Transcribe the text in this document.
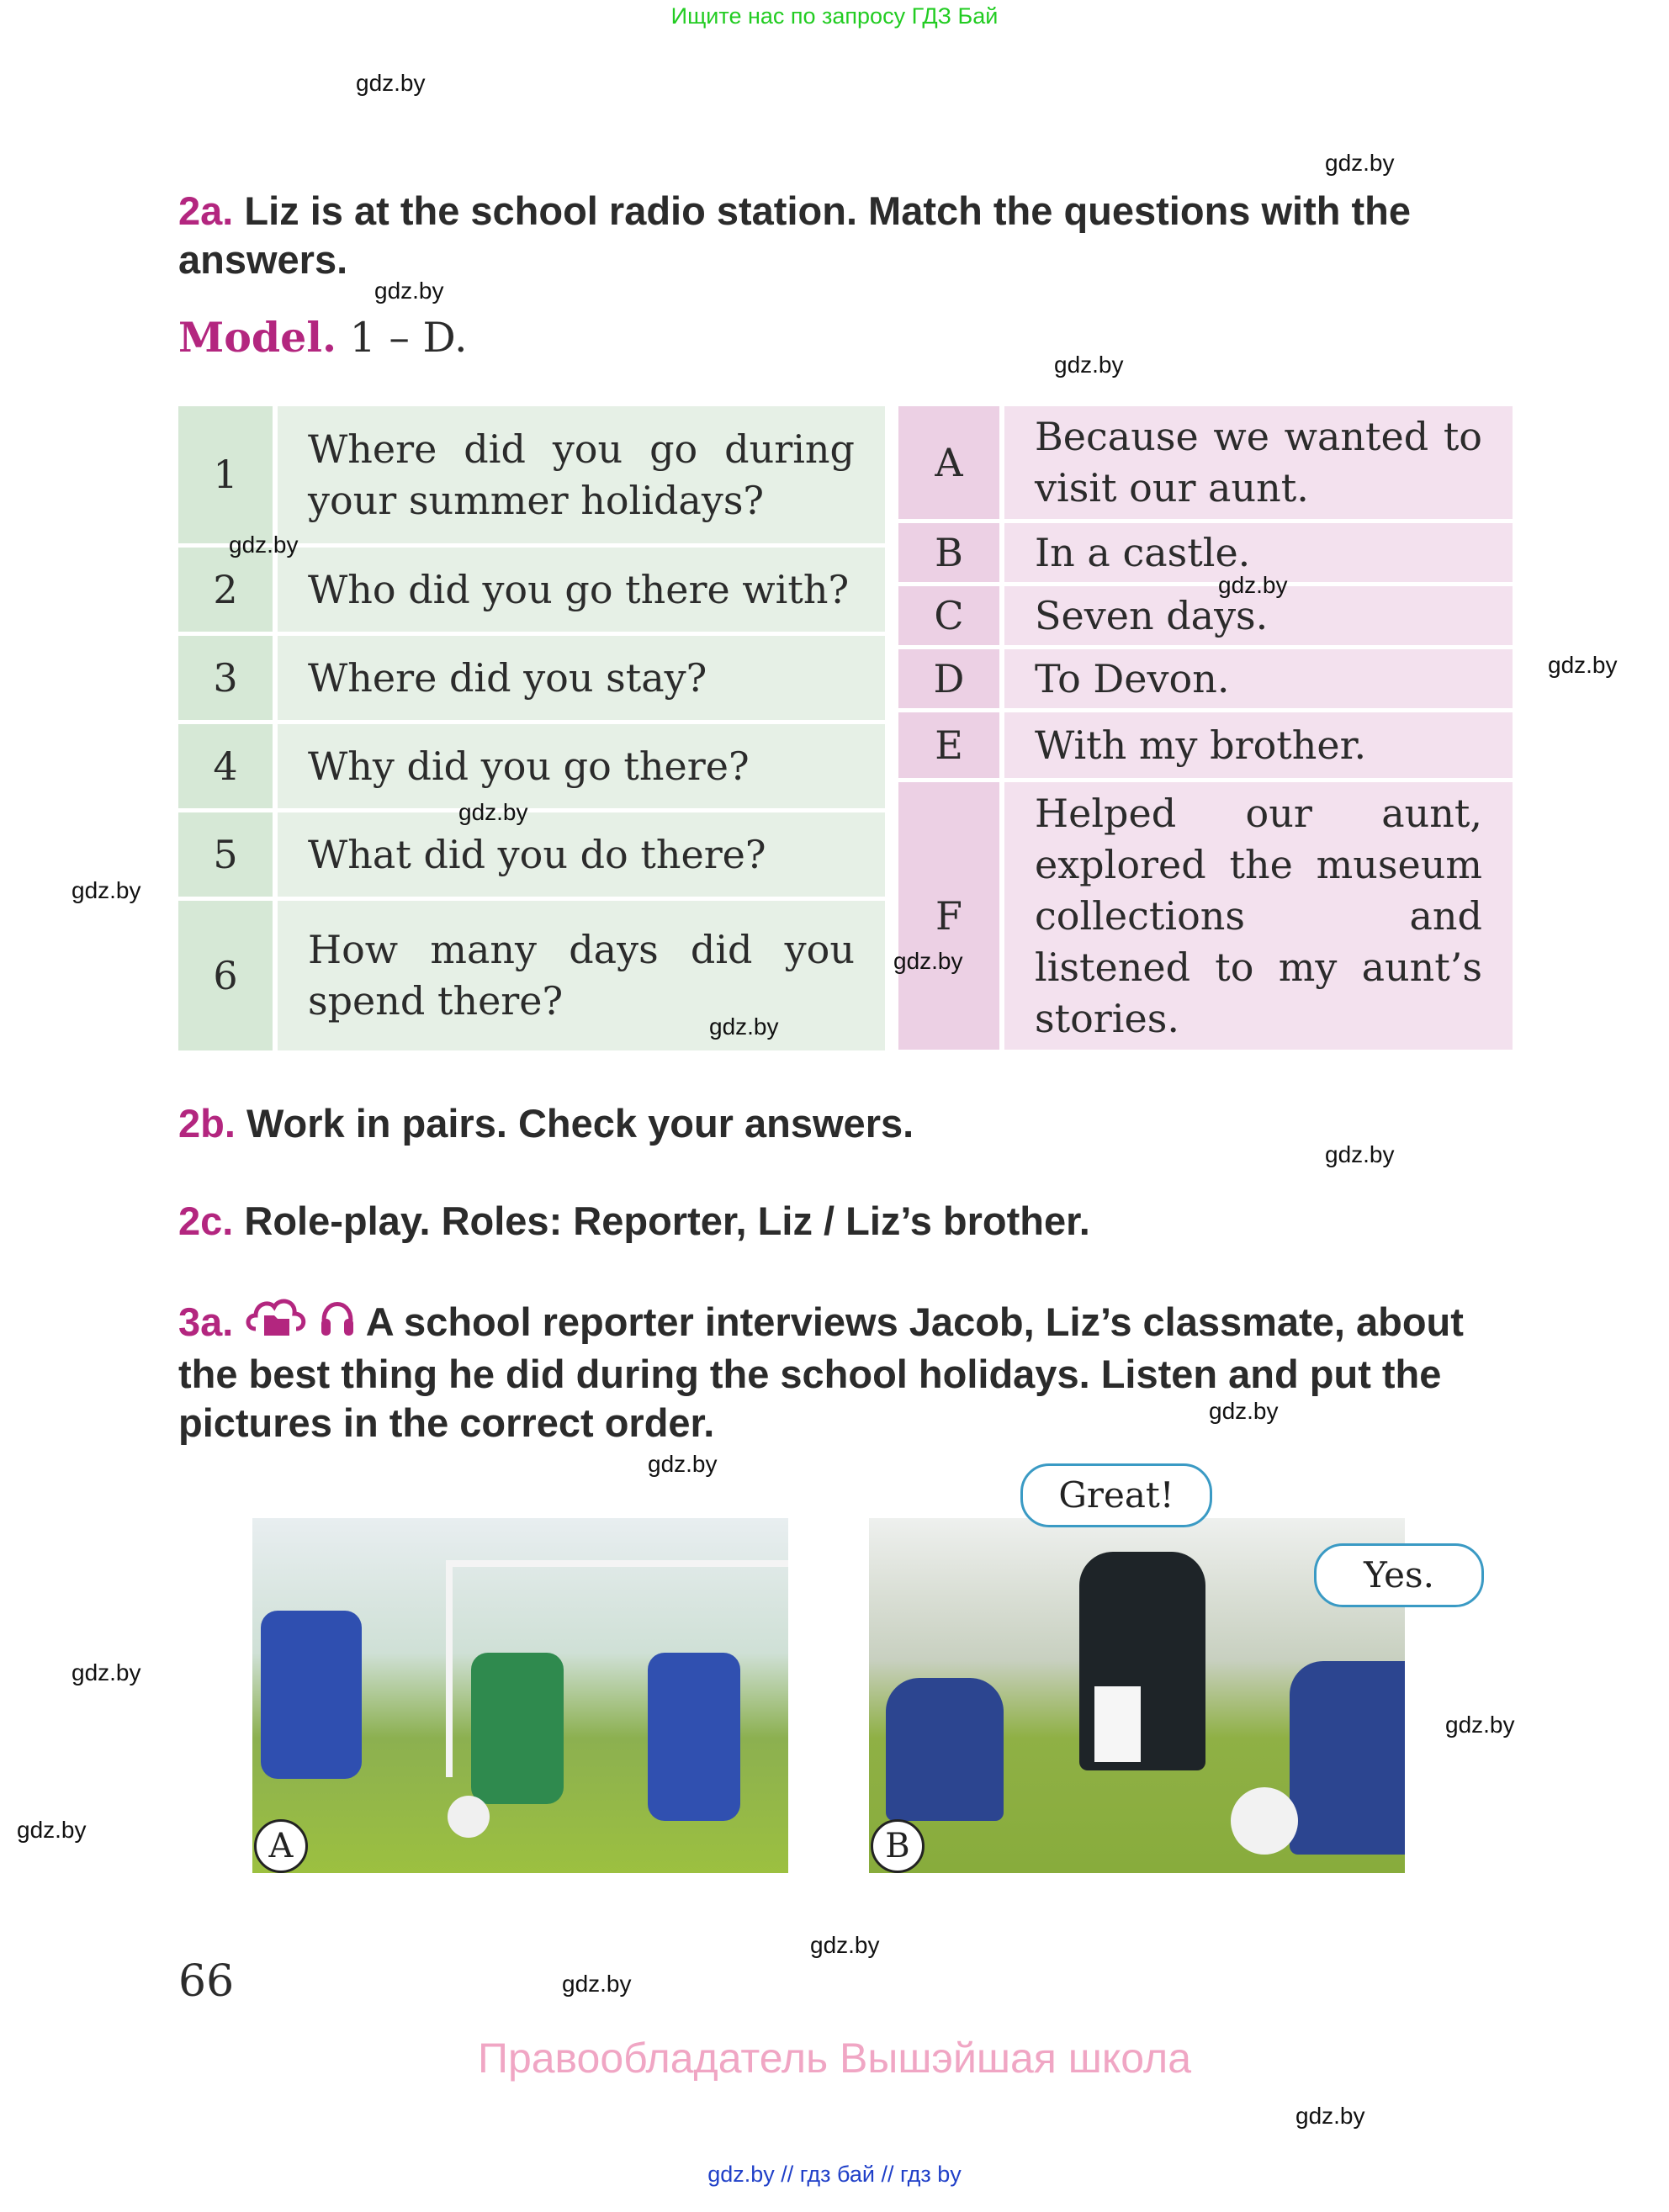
Ищите нас по запросу ГДЗ Бай
gdz.by
gdz.by
gdz.by
gdz.by
gdz.by
gdz.by
gdz.by
gdz.by
gdz.by
gdz.by
gdz.by
gdz.by
gdz.by
gdz.by
gdz.by
gdz.by
gdz.by
gdz.by
gdz.by
gdz.by
2a. Liz is at the school radio station. Match the questions with the answers.
Model. 1 – D.
1	Where did you go during your summer holidays?
2	Who did you go there with?
3	Where did you stay?
4	Why did you go there?
5	What did you do there?
6	How many days did you spend there?
A	Because we wanted to visit our aunt.
B	In a castle.
C	Seven days.
D	To Devon.
E	With my brother.
F	Helped our aunt, explored the museum collections and listened to my aunt’s stories.
2b. Work in pairs. Check your answers.
2c. Role-play. Roles: Reporter, Liz / Liz’s brother.
3a.	A school reporter interviews Jacob, Liz’s classmate, about the best thing he did during the school holidays. Listen and put the pictures in the correct order.
A	B
Great!
Yes.
66
Правообладатель Вышэйшая школа
gdz.by // гдз бай // гдз by
